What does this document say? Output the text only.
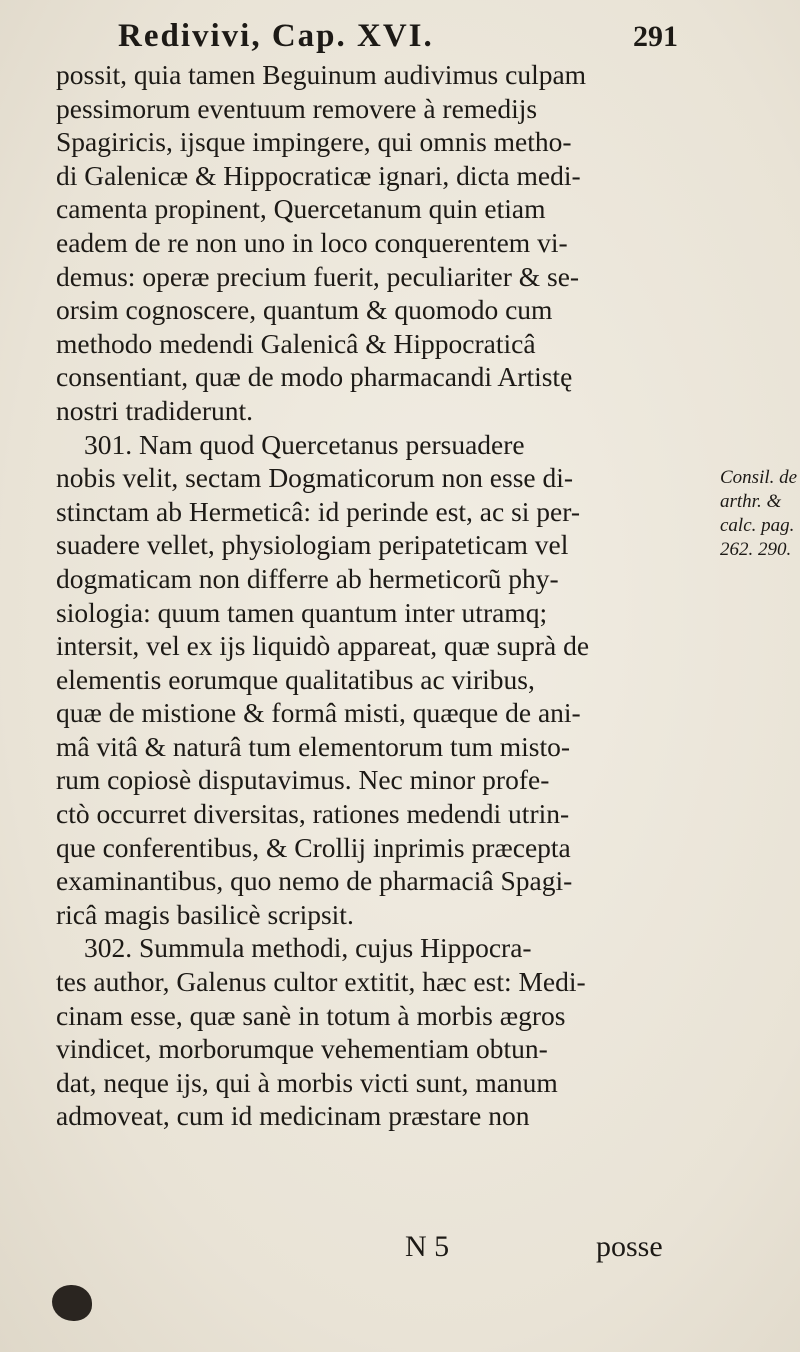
Redivivi, Cap. XVI.	291
possit, quia tamen Beguinum audivimus culpam
pessimorum eventuum removere à remedijs
Spagiricis, ijsque impingere, qui omnis metho-
di Galenicæ & Hippocraticæ ignari, dicta medi-
camenta propinent, Quercetanum quin etiam
eadem de re non uno in loco conquerentem vi-
demus: operæ precium fuerit, peculiariter & se-
orsim cognoscere, quantum & quomodo cum
methodo medendi Galenicâ & Hippocraticâ
consentiant, quæ de modo pharmacandi Artistę
nostri tradiderunt.
301. Nam quod Quercetanus persuadere
nobis velit, sectam Dogmaticorum non esse di-
stinctam ab Hermeticâ: id perinde est, ac si per-
suadere vellet, physiologiam peripateticam vel
dogmaticam non differre ab hermeticorũ phy-
siologia: quum tamen quantum inter utramq;
intersit, vel ex ijs liquidò appareat, quæ suprà de
elementis eorumque qualitatibus ac viribus,
quæ de mistione & formâ misti, quæque de ani-
mâ vitâ & naturâ tum elementorum tum misto-
rum copiosè disputavimus. Nec minor profe-
ctò occurret diversitas, rationes medendi utrin-
que conferentibus, & Crollij inprimis præcepta
examinantibus, quo nemo de pharmaciâ Spagi-
ricâ magis basilicè scripsit.
302. Summula methodi, cujus Hippocra-
tes author, Galenus cultor extitit, hæc est: Medi-
cinam esse, quæ sanè in totum à morbis ægros
vindicet, morborumque vehementiam obtun-
dat, neque ijs, qui à morbis victi sunt, manum
admoveat, cum id medicinam præstare non
Consil. de
arthr. &
calc. pag.
262. 290.
N 5	posse
